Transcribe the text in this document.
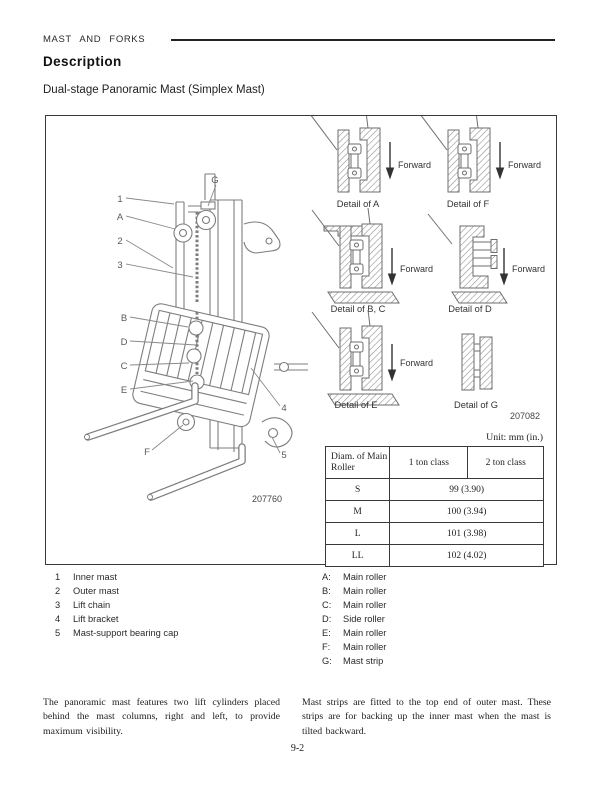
MAST AND FORKS
Description
Dual-stage Panoramic Mast (Simplex Mast)
G
1
A
2
3
B
D
C
E
F
4
5
Forward
Detail of A
Forward
Detail of F
Forward
Detail of B, C
Forward
Detail of D
Forward
Detail of E	Detail of G
207082
207760
Unit: mm (in.)
Diam. of Main Roller	1 ton class	2 ton class
S	99 (3.90)	
M	100 (3.94)	
L	101 (3.98)	
LL	102 (4.02)	
1	Inner mast
2	Outer mast
3	Lift chain
4	Lift bracket
5	Mast-support bearing cap
A:	Main roller
B:	Main roller
C:	Main roller
D:	Side roller
E:	Main roller
F:	Main roller
G:	Mast strip

The panoramic mast features two lift cylinders placed behind the mast columns, right and left, to provide maximum visibility.

Mast strips are fitted to the top end of outer mast. These strips are for backing up the inner mast when the mast is tilted backward.

9-2
